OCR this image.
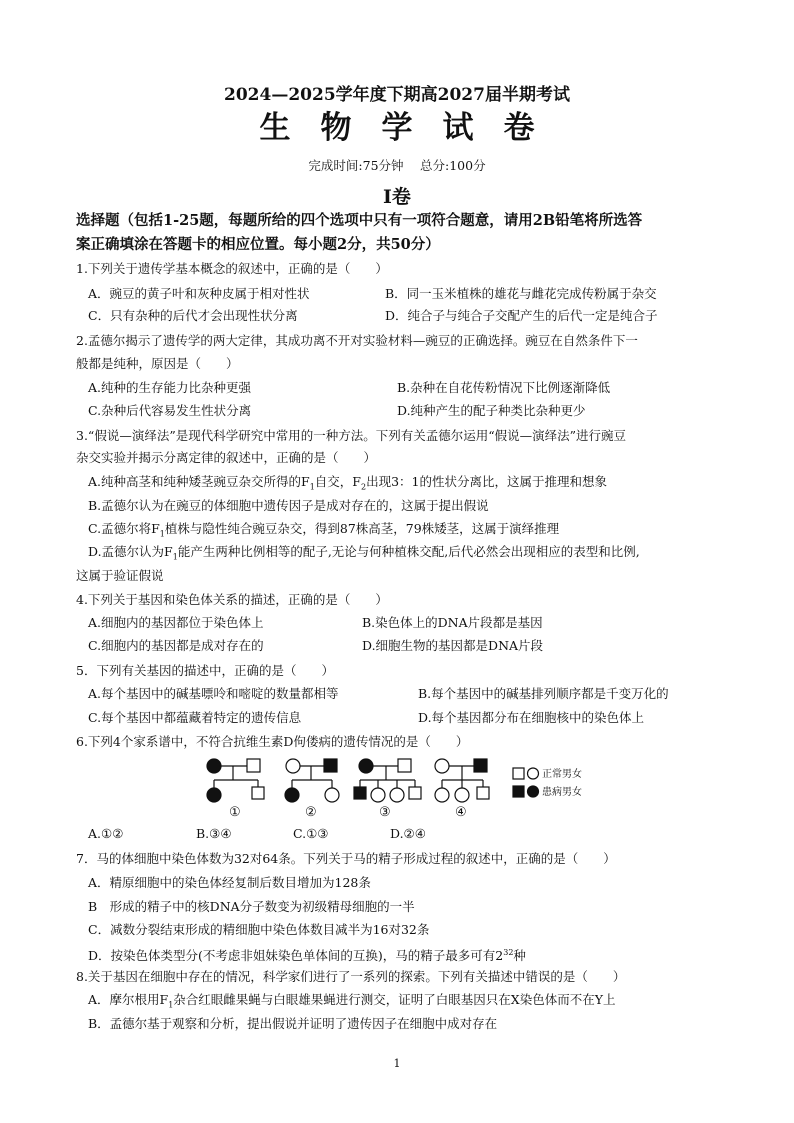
2024—2025学年度下期高2027届半期考试
生物学试卷
完成时间:75分钟　 总分:100分
I卷
选择题（包括1-25题，每题所给的四个选项中只有一项符合题意，请用2B铅笔将所选答
案正确填涂在答题卡的相应位置。每小题2分，共50分）
1.下列关于遗传学基本概念的叙述中，正确的是（　　）
A．豌豆的黄子叶和灰种皮属于相对性状	B．同一玉米植株的雄花与雌花完成传粉属于杂交
C．只有杂种的后代才会出现性状分离	D．纯合子与纯合子交配产生的后代一定是纯合子
2.孟德尔揭示了遗传学的两大定律，其成功离不开对实验材料—豌豆的正确选择。豌豆在自然条件下一
般都是纯种，原因是（　　）
A.纯种的生存能力比杂种更强	B.杂种在自花传粉情况下比例逐渐降低
C.杂种后代容易发生性状分离	D.纯种产生的配子种类比杂种更少
3.“假说—演绎法”是现代科学研究中常用的一种方法。下列有关孟德尔运用“假说—演绎法”进行豌豆
杂交实验并揭示分离定律的叙述中，正确的是（　　）
A.纯种高茎和纯种矮茎豌豆杂交所得的$F_1$自交，$F_2$出现3：1的性状分离比，这属于推理和想象
B.孟德尔认为在豌豆的体细胞中遗传因子是成对存在的，这属于提出假说
C.孟德尔将$F_1$植株与隐性纯合豌豆杂交，得到87株高茎，79株矮茎，这属于演绎推理
D.孟德尔认为$F_1$能产生两种比例相等的配子,无论与何种植株交配,后代必然会出现相应的表型和比例,
这属于验证假说
4.下列关于基因和染色体关系的描述，正确的是（　　）
A.细胞内的基因都位于染色体上	B.染色体上的DNA片段都是基因
C.细胞内的基因都是成对存在的	D.细胞生物的基因都是DNA片段
5．下列有关基因的描述中，正确的是（　　）
A.每个基因中的碱基嘌呤和嘧啶的数量都相等	B.每个基因中的碱基排列顺序都是千变万化的
C.每个基因中都蕴藏着特定的遗传信息	D.每个基因都分布在细胞核中的染色体上
6.下列4个家系谱中，不符合抗维生素D佝偻病的遗传情况的是（　　）
①	②	③	④
正常男女
患病男女
A.①②	B.③④	C.①③	D.②④
7．马的体细胞中染色体数为32对64条。下列关于马的精子形成过程的叙述中，正确的是（　　）
A．精原细胞中的染色体经复制后数目增加为128条
B　形成的精子中的核DNA分子数变为初级精母细胞的一半
C．减数分裂结束形成的精细胞中染色体数目减半为16对32条
D．按染色体类型分(不考虑非姐妹染色单体间的互换)，马的精子最多可有$2^{32}$种
8.关于基因在细胞中存在的情况，科学家们进行了一系列的探索。下列有关描述中错误的是（　　）
A．摩尔根用$F_1$杂合红眼雌果蝇与白眼雄果蝇进行测交，证明了白眼基因只在X染色体而不在Y上
B．孟德尔基于观察和分析，提出假说并证明了遗传因子在细胞中成对存在
1
